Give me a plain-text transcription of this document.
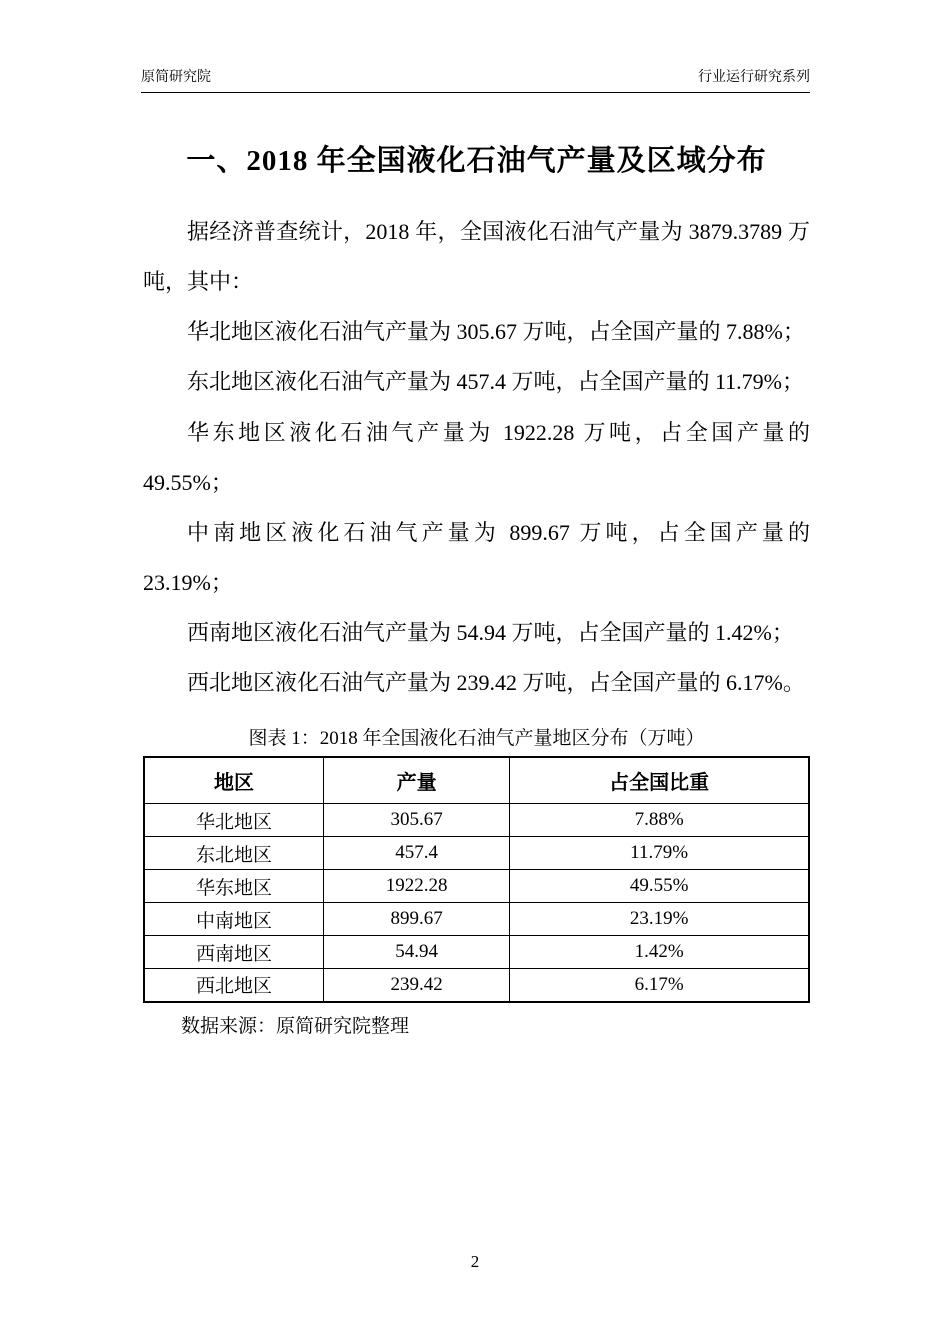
原简研究院	行业运行研究系列
一、2018 年全国液化石油气产量及区域分布

据经济普查统计，2018 年，全国液化石油气产量为 3879.3789 万吨，其中：

华北地区液化石油气产量为 305.67 万吨，占全国产量的 7.88%；

东北地区液化石油气产量为 457.4 万吨，占全国产量的 11.79%；

华东地区液化石油气产量为 1922.28 万吨，占全国产量的 49.55%；

中南地区液化石油气产量为 899.67 万吨，占全国产量的 23.19%；

西南地区液化石油气产量为 54.94 万吨，占全国产量的 1.42%；

西北地区液化石油气产量为 239.42 万吨，占全国产量的 6.17%。

图表 1：2018 年全国液化石油气产量地区分布（万吨）
地区	产量	占全国比重
华北地区	305.67	7.88%
东北地区	457.4	11.79%
华东地区	1922.28	49.55%
中南地区	899.67	23.19%
西南地区	54.94	1.42%
西北地区	239.42	6.17%
数据来源：原简研究院整理
2
